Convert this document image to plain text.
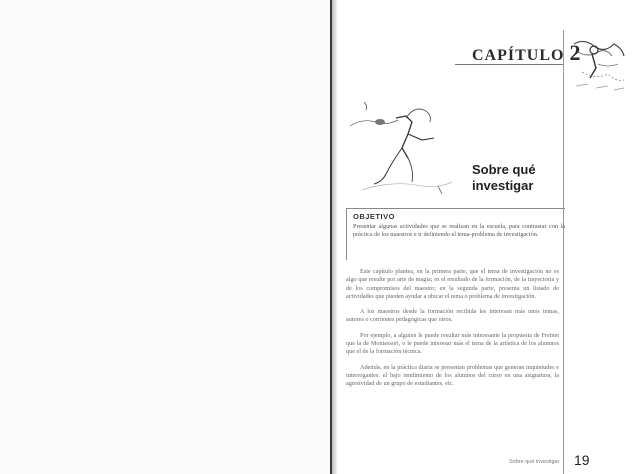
CAPÍTULO 2
Sobre qué investigar
OBJETIVO

Presentar algunas actividades que se realizan en la escuela, para contrastar con la práctica de los maestros e ir definiendo el tema-problema de investigación.

Este capítulo plantea, en la primera parte, que el tema de investigación no es algo que resulte por arte de magia; es el resultado de la formación, de la trayectoria y de los compromisos del maestro; en la segunda parte, presenta un listado de actividades que pueden ayudar a ubicar el tema o problema de investigación.

A los maestros desde la formación recibida les interesan más unos temas, autores o corrientes pedagógicas que otros.

Por ejemplo, a alguien le puede resultar más interesante la propuesta de Freinet que la de Montessori, o le puede interesar más el tema de la artística de los alumnos que el de la formación técnica.

Además, en la práctica diaria se presentan problemas que generan inquietudes e interrogantes: el bajo rendimiento de los alumnos del curso en una asignatura, la agresividad de un grupo de estudiantes, etc.

Sobre qué investigar 19
